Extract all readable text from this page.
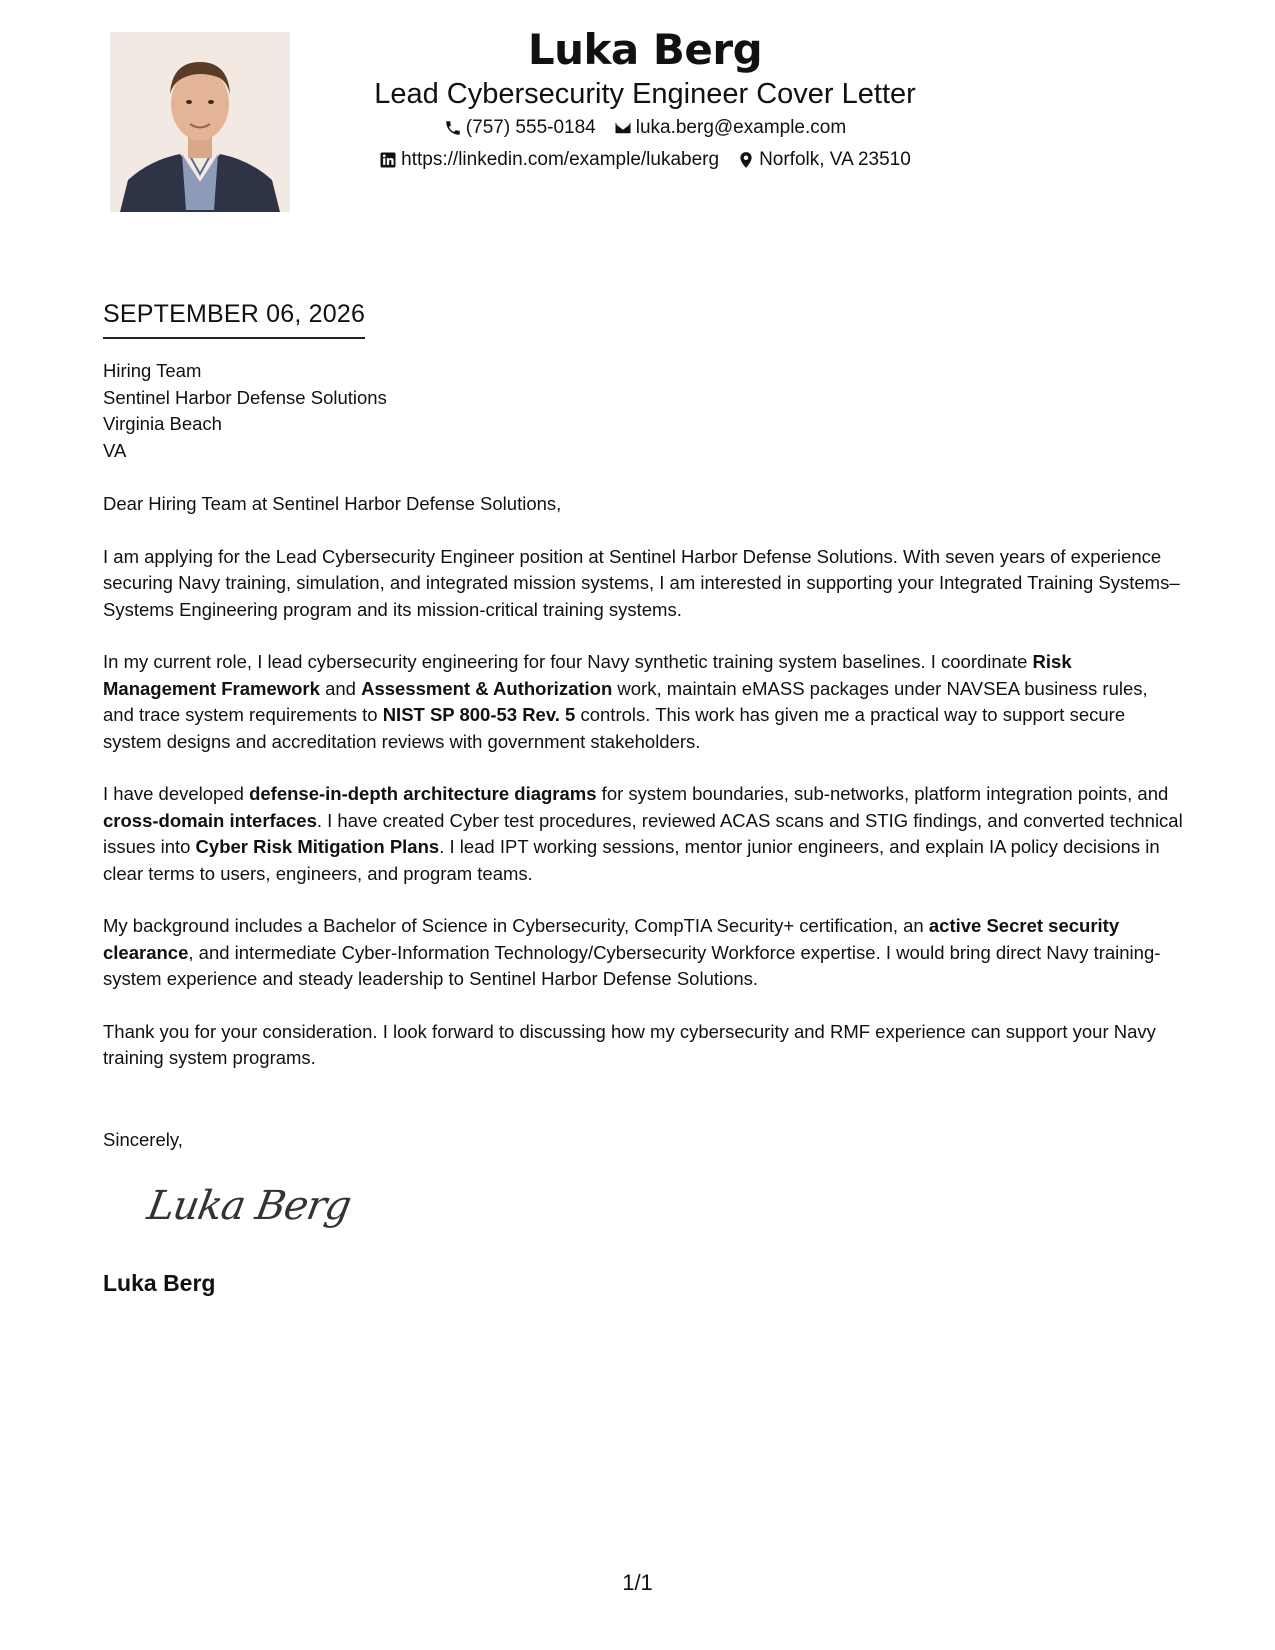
Luka Berg
Lead Cybersecurity Engineer Cover Letter
(757) 555-0184 luka.berg@example.com
https://linkedin.com/example/lukaberg Norfolk, VA 23510
SEPTEMBER 06, 2026
Hiring Team
Sentinel Harbor Defense Solutions
Virginia Beach
VA
Dear Hiring Team at Sentinel Harbor Defense Solutions,
I am applying for the Lead Cybersecurity Engineer position at Sentinel Harbor Defense Solutions. With seven years of experience securing Navy training, simulation, and integrated mission systems, I am interested in supporting your Integrated Training Systems–Systems Engineering program and its mission-critical training systems.
In my current role, I lead cybersecurity engineering for four Navy synthetic training system baselines. I coordinate Risk Management Framework and Assessment & Authorization work, maintain eMASS packages under NAVSEA business rules, and trace system requirements to NIST SP 800-53 Rev. 5 controls. This work has given me a practical way to support secure system designs and accreditation reviews with government stakeholders.
I have developed defense-in-depth architecture diagrams for system boundaries, sub-networks, platform integration points, and cross-domain interfaces. I have created Cyber test procedures, reviewed ACAS scans and STIG findings, and converted technical issues into Cyber Risk Mitigation Plans. I lead IPT working sessions, mentor junior engineers, and explain IA policy decisions in clear terms to users, engineers, and program teams.
My background includes a Bachelor of Science in Cybersecurity, CompTIA Security+ certification, an active Secret security clearance, and intermediate Cyber-Information Technology/Cybersecurity Workforce expertise. I would bring direct Navy training-system experience and steady leadership to Sentinel Harbor Defense Solutions.
Thank you for your consideration. I look forward to discussing how my cybersecurity and RMF experience can support your Navy training system programs.
Sincerely,
Luka Berg
Luka Berg
1/1
